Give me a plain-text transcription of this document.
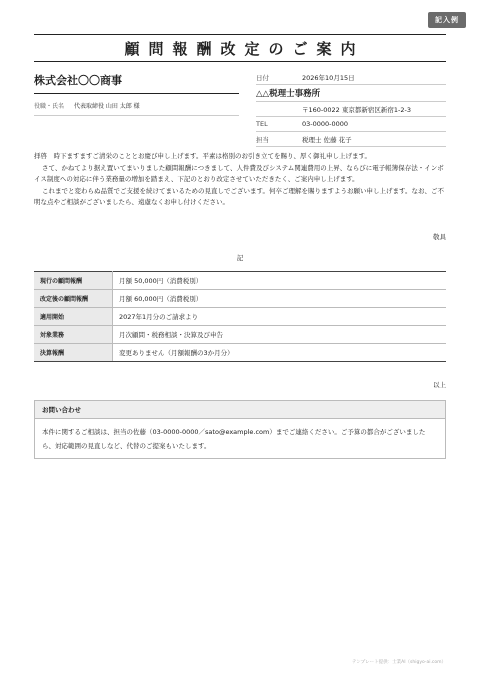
記入例
顧問報酬改定のご案内
株式会社〇〇商事
役職・氏名 代表取締役 山田 太郎 様
日付	2026年10月15日
△△税理士事務所
〒160-0022 東京都新宿区新宿1-2-3
TEL	03-0000-0000
担当	税理士 佐藤 花子

拝啓　時下ますますご清栄のこととお慶び申し上げます。平素は格別のお引き立てを賜り、厚く御礼申し上げます。

さて、かねてより据え置いてまいりました顧問報酬につきまして、人件費及びシステム関連費用の上昇、ならびに電子帳簿保存法・インボイス制度への対応に伴う業務量の増加を踏まえ、下記のとおり改定させていただきたく、ご案内申し上げます。

これまでと変わらぬ品質でご支援を続けてまいるための見直しでございます。何卒ご理解を賜りますようお願い申し上げます。なお、ご不明な点やご相談がございましたら、遠慮なくお申し付けください。

敬具
記
現行の顧問報酬	月額 50,000円（消費税別）
改定後の顧問報酬	月額 60,000円（消費税別）
適用開始	2027年1月分のご請求より
対象業務	月次顧問・税務相談・決算及び申告
決算報酬	変更ありません（月額報酬の3か月分）
以上
お問い合わせ
本件に関するご相談は、担当の佐藤（03-0000-0000／sato@example.com）までご連絡ください。ご予算の都合がございましたら、対応範囲の見直しなど、代替のご提案もいたします。
テンプレート提供：士業AI（shigyo-ai.com）
